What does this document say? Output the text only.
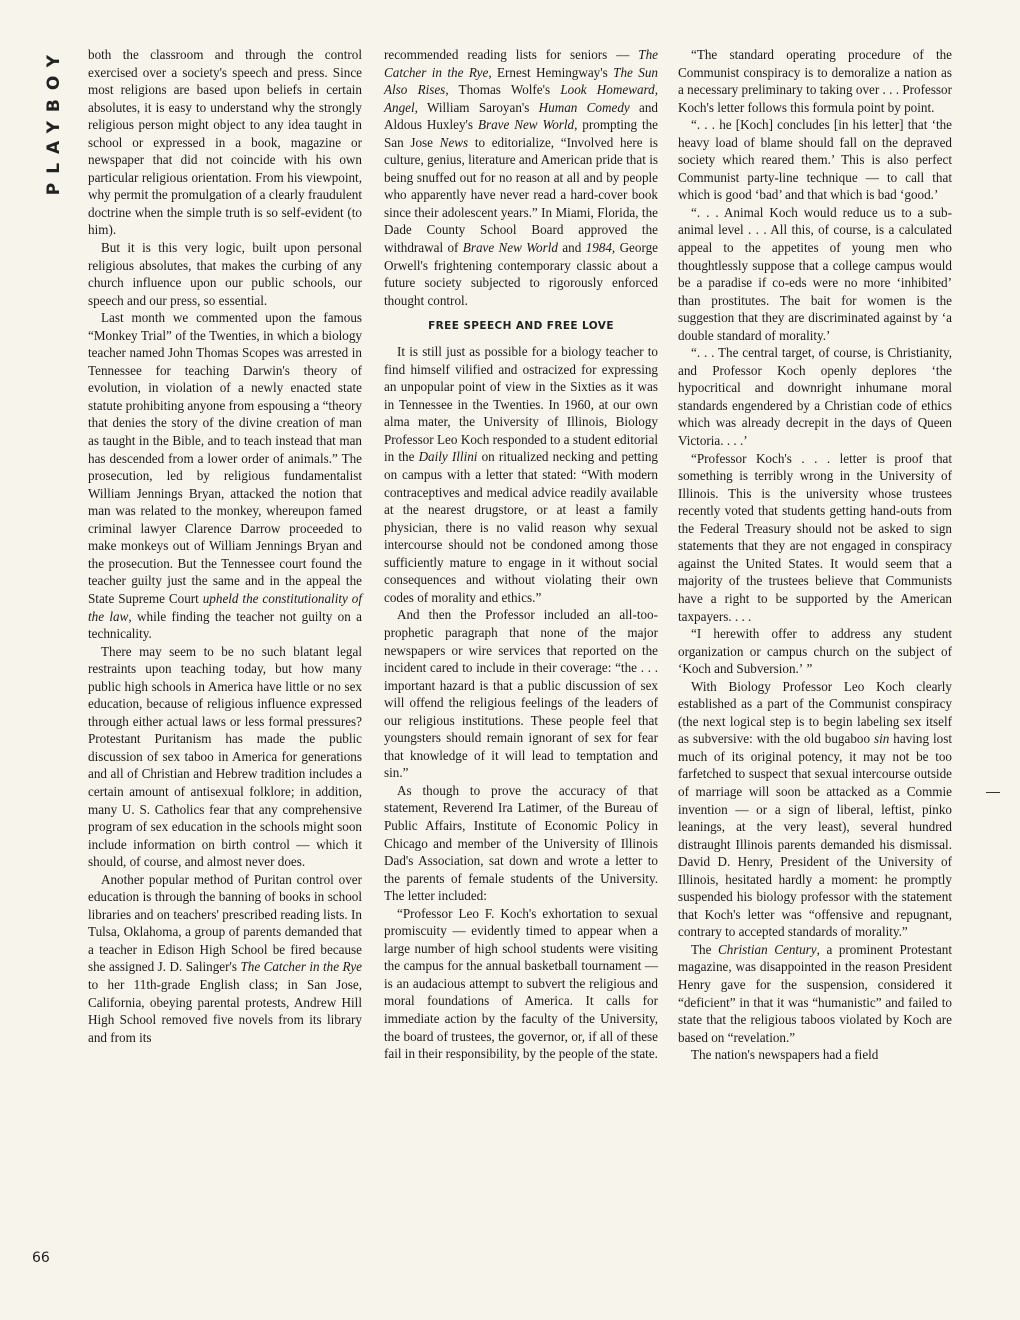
PLAYBOY
66

both the classroom and through the control exercised over a society's speech and press. Since most religions are based upon beliefs in certain absolutes, it is easy to understand why the strongly religious person might object to any idea taught in school or expressed in a book, magazine or newspaper that did not coincide with his own particular religious orientation. From his viewpoint, why permit the promulgation of a clearly fraudulent doctrine when the simple truth is so self-evident (to him).

But it is this very logic, built upon personal religious absolutes, that makes the curbing of any church influence upon our public schools, our speech and our press, so essential.

Last month we commented upon the famous “Monkey Trial” of the Twenties, in which a biology teacher named John Thomas Scopes was arrested in Tennessee for teaching Darwin's theory of evolution, in violation of a newly enacted state statute prohibiting anyone from espousing a “theory that denies the story of the divine creation of man as taught in the Bible, and to teach instead that man has descended from a lower order of animals.” The prosecution, led by religious fundamentalist William Jennings Bryan, attacked the notion that man was related to the monkey, whereupon famed criminal lawyer Clarence Darrow proceeded to make monkeys out of William Jennings Bryan and the prosecution. But the Tennessee court found the teacher guilty just the same and in the appeal the State Supreme Court upheld the constitutionality of the law, while finding the teacher not guilty on a technicality.

There may seem to be no such blatant legal restraints upon teaching today, but how many public high schools in America have little or no sex education, because of religious influence expressed through either actual laws or less formal pressures? Protestant Puritanism has made the public discussion of sex taboo in America for generations and all of Christian and Hebrew tradition includes a certain amount of antisexual folklore; in addition, many U. S. Catholics fear that any comprehensive program of sex education in the schools might soon include information on birth control — which it should, of course, and almost never does.

Another popular method of Puritan control over education is through the banning of books in school libraries and on teachers' prescribed reading lists. In Tulsa, Oklahoma, a group of parents demanded that a teacher in Edison High School be fired because she assigned J. D. Salinger's The Catcher in the Rye to her 11th-grade English class; in San Jose, California, obeying parental protests, Andrew Hill High School removed five novels from its library and from its

recommended reading lists for seniors — The Catcher in the Rye, Ernest Hemingway's The Sun Also Rises, Thomas Wolfe's Look Homeward, Angel, William Saroyan's Human Comedy and Aldous Huxley's Brave New World, prompting the San Jose News to editorialize, “Involved here is culture, genius, literature and American pride that is being snuffed out for no reason at all and by people who apparently have never read a hard-cover book since their adolescent years.” In Miami, Florida, the Dade County School Board approved the withdrawal of Brave New World and 1984, George Orwell's frightening contemporary classic about a future society subjected to rigorously enforced thought control.

FREE SPEECH AND FREE LOVE

It is still just as possible for a biology teacher to find himself vilified and ostracized for expressing an unpopular point of view in the Sixties as it was in Tennessee in the Twenties. In 1960, at our own alma mater, the University of Illinois, Biology Professor Leo Koch responded to a student editorial in the Daily Illini on ritualized necking and petting on campus with a letter that stated: “With modern contraceptives and medical advice readily available at the nearest drugstore, or at least a family physician, there is no valid reason why sexual intercourse should not be condoned among those sufficiently mature to engage in it without social consequences and without violating their own codes of morality and ethics.”

And then the Professor included an all-too-prophetic paragraph that none of the major newspapers or wire services that reported on the incident cared to include in their coverage: “the . . . important hazard is that a public discussion of sex will offend the religious feelings of the leaders of our religious institutions. These people feel that youngsters should remain ignorant of sex for fear that knowledge of it will lead to temptation and sin.”

As though to prove the accuracy of that statement, Reverend Ira Latimer, of the Bureau of Public Affairs, Institute of Economic Policy in Chicago and member of the University of Illinois Dad's Association, sat down and wrote a letter to the parents of female students of the University. The letter included:

“Professor Leo F. Koch's exhortation to sexual promiscuity — evidently timed to appear when a large number of high school students were visiting the campus for the annual basketball tournament — is an audacious attempt to subvert the religious and moral foundations of America. It calls for immediate action by the faculty of the University, the board of trustees, the governor, or, if all of these fail in their responsibility, by the people of the state.

“The standard operating procedure of the Communist conspiracy is to demoralize a nation as a necessary preliminary to taking over . . . Professor Koch's letter follows this formula point by point.

“. . . he [Koch] concludes [in his letter] that ‘the heavy load of blame should fall on the depraved society which reared them.’ This is also perfect Communist party-line technique — to call that which is good ‘bad’ and that which is bad ‘good.’

“. . . Animal Koch would reduce us to a sub-animal level . . . All this, of course, is a calculated appeal to the appetites of young men who thoughtlessly suppose that a college campus would be a paradise if co-eds were no more ‘inhibited’ than prostitutes. The bait for women is the suggestion that they are discriminated against by ‘a double standard of morality.’

“. . . The central target, of course, is Christianity, and Professor Koch openly deplores ‘the hypocritical and downright inhumane moral standards engendered by a Christian code of ethics which was already decrepit in the days of Queen Victoria. . . .’

“Professor Koch's . . . letter is proof that something is terribly wrong in the University of Illinois. This is the university whose trustees recently voted that students getting hand-outs from the Federal Treasury should not be asked to sign statements that they are not engaged in conspiracy against the United States. It would seem that a majority of the trustees believe that Communists have a right to be supported by the American taxpayers. . . .

“I herewith offer to address any student organization or campus church on the subject of ‘Koch and Subversion.’ ”

With Biology Professor Leo Koch clearly established as a part of the Communist conspiracy (the next logical step is to begin labeling sex itself as subversive: with the old bugaboo sin having lost much of its original potency, it may not be too farfetched to suspect that sexual intercourse outside of marriage will soon be attacked as a Commie invention — or a sign of liberal, leftist, pinko leanings, at the very least), several hundred distraught Illinois parents demanded his dismissal. David D. Henry, President of the University of Illinois, hesitated hardly a moment: he promptly suspended his biology professor with the statement that Koch's letter was “offensive and repugnant, contrary to accepted standards of morality.”

The Christian Century, a prominent Protestant magazine, was disappointed in the reason President Henry gave for the suspension, considered it “deficient” in that it was “humanistic” and failed to state that the religious taboos violated by Koch are based on “revelation.”

The nation's newspapers had a field
